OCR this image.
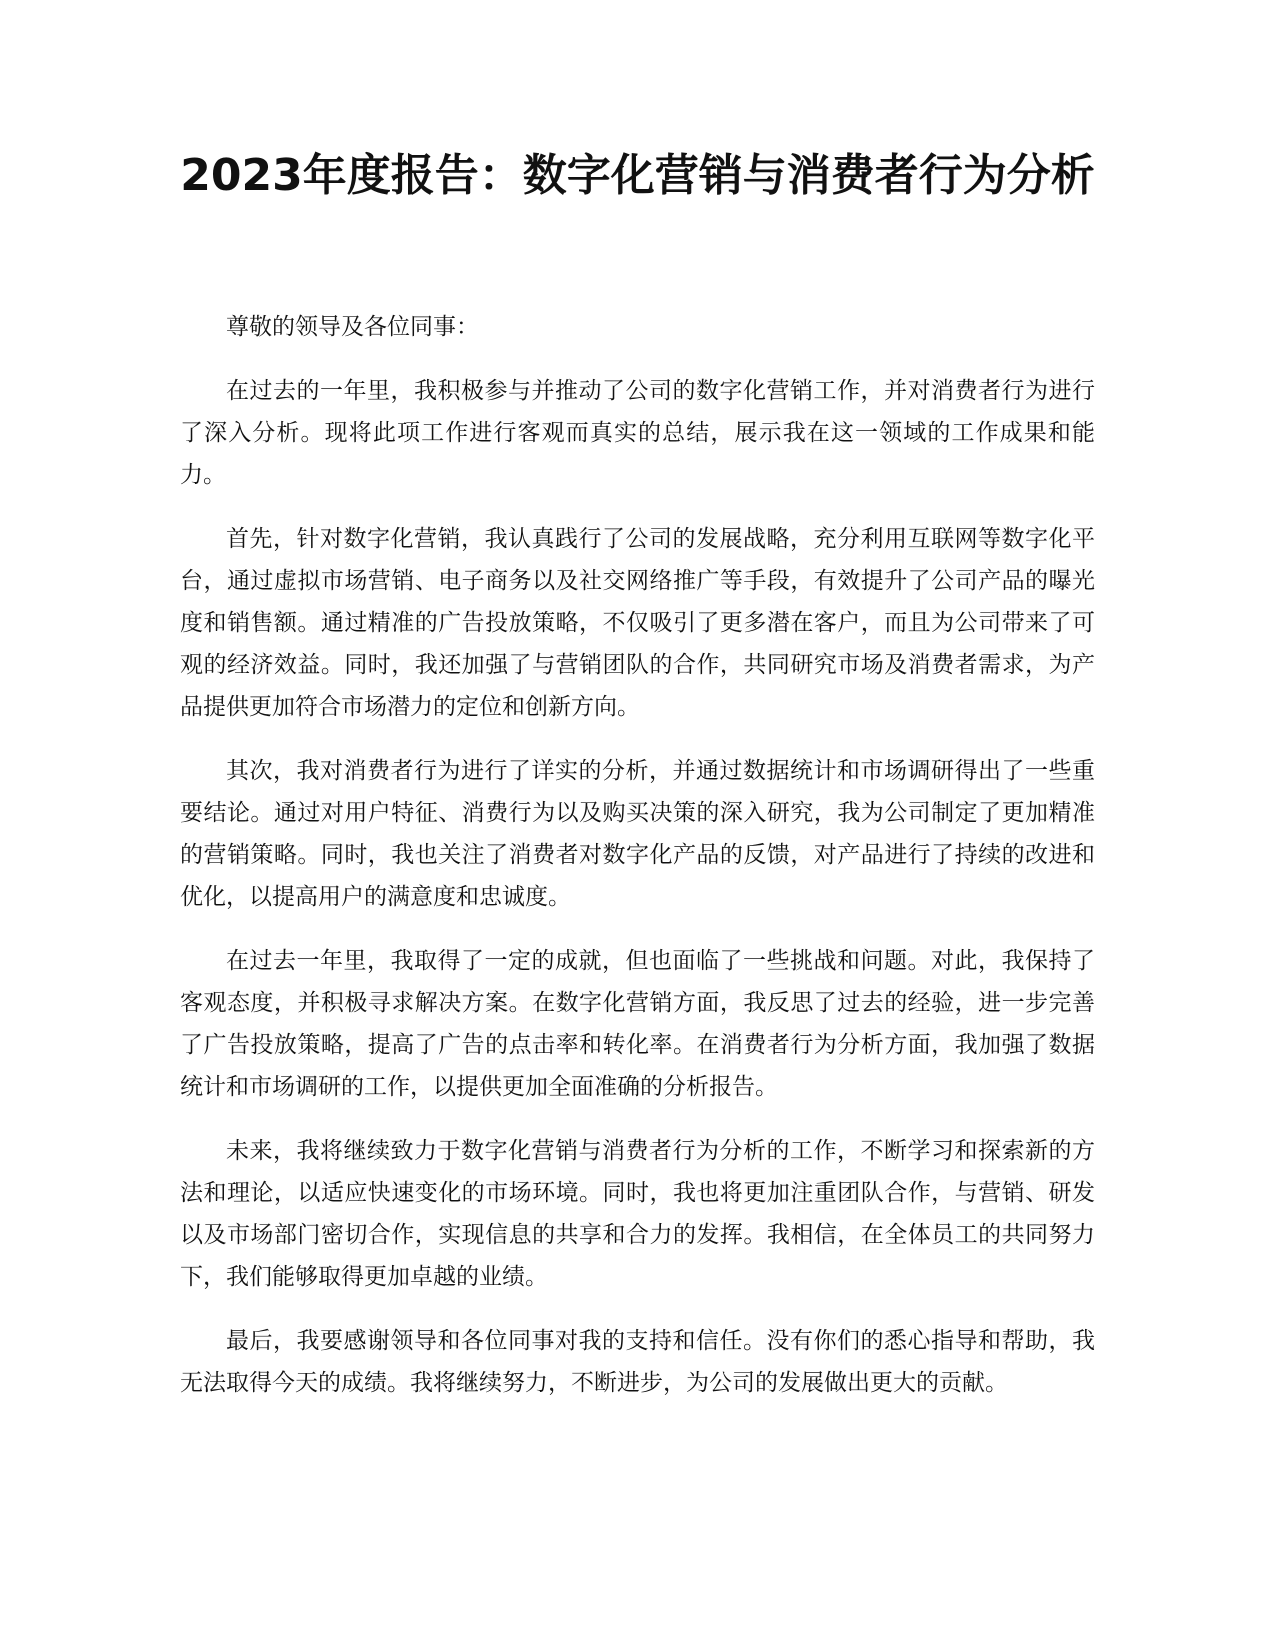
2023年度报告：数字化营销与消费者行为分析

尊敬的领导及各位同事：

在过去的一年里，我积极参与并推动了公司的数字化营销工作，并对消费者行为进行了深入分析。现将此项工作进行客观而真实的总结，展示我在这一领域的工作成果和能力。

首先，针对数字化营销，我认真践行了公司的发展战略，充分利用互联网等数字化平台，通过虚拟市场营销、电子商务以及社交网络推广等手段，有效提升了公司产品的曝光度和销售额。通过精准的广告投放策略，不仅吸引了更多潜在客户，而且为公司带来了可观的经济效益。同时，我还加强了与营销团队的合作，共同研究市场及消费者需求，为产品提供更加符合市场潜力的定位和创新方向。

其次，我对消费者行为进行了详实的分析，并通过数据统计和市场调研得出了一些重要结论。通过对用户特征、消费行为以及购买决策的深入研究，我为公司制定了更加精准的营销策略。同时，我也关注了消费者对数字化产品的反馈，对产品进行了持续的改进和优化，以提高用户的满意度和忠诚度。

在过去一年里，我取得了一定的成就，但也面临了一些挑战和问题。对此，我保持了客观态度，并积极寻求解决方案。在数字化营销方面，我反思了过去的经验，进一步完善了广告投放策略，提高了广告的点击率和转化率。在消费者行为分析方面，我加强了数据统计和市场调研的工作，以提供更加全面准确的分析报告。

未来，我将继续致力于数字化营销与消费者行为分析的工作，不断学习和探索新的方法和理论，以适应快速变化的市场环境。同时，我也将更加注重团队合作，与营销、研发以及市场部门密切合作，实现信息的共享和合力的发挥。我相信，在全体员工的共同努力下，我们能够取得更加卓越的业绩。

最后，我要感谢领导和各位同事对我的支持和信任。没有你们的悉心指导和帮助，我无法取得今天的成绩。我将继续努力，不断进步，为公司的发展做出更大的贡献。
